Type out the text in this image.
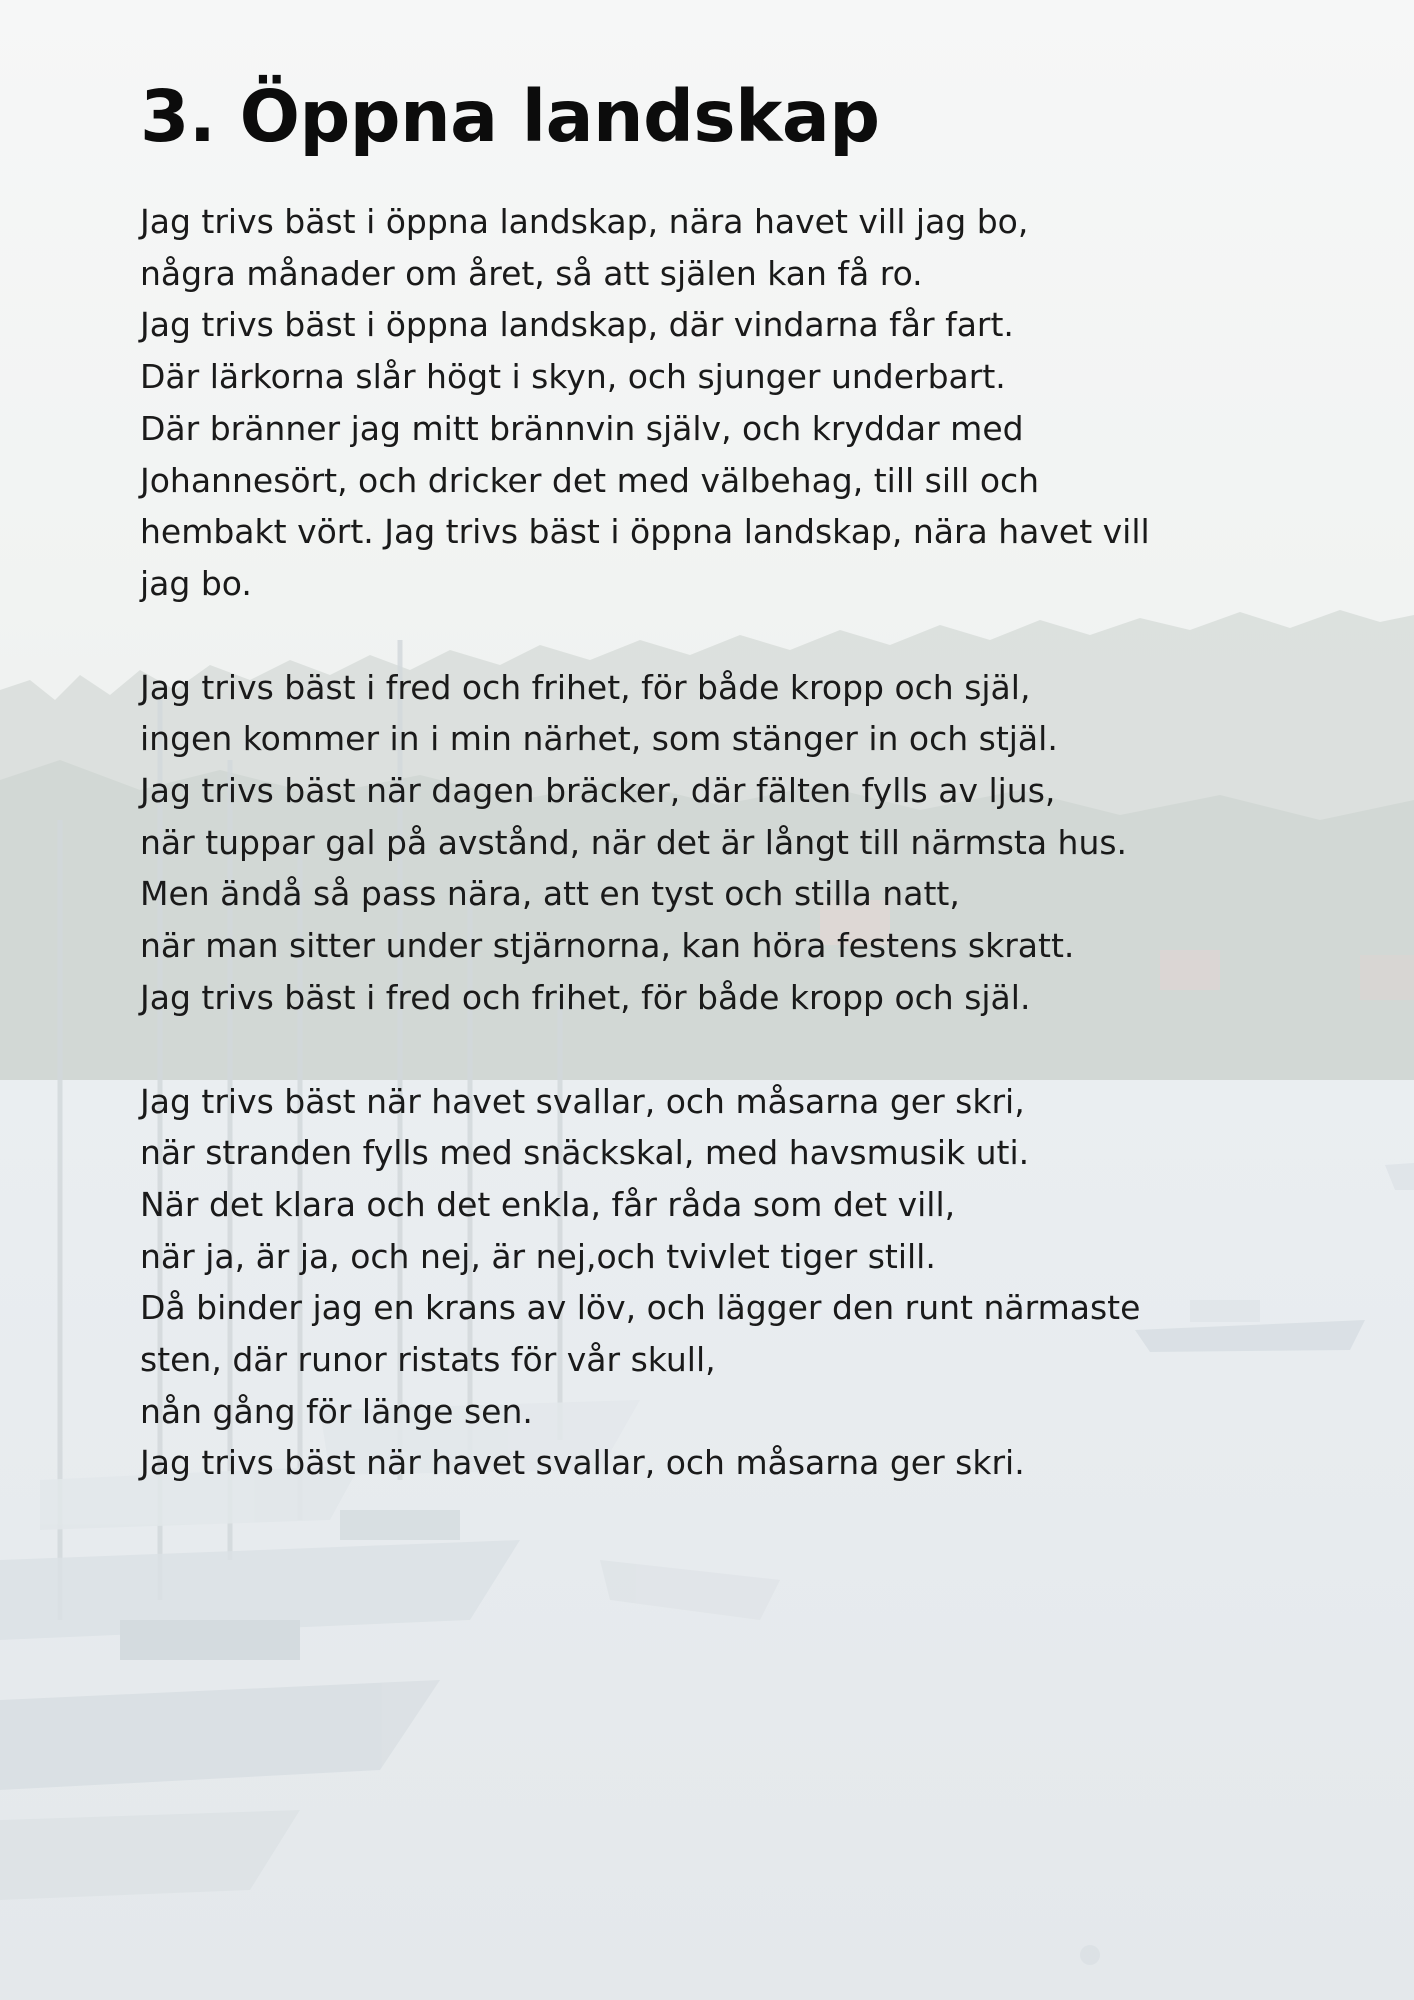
3. Öppna landskap
Jag trivs bäst i öppna landskap, nära havet vill jag bo,
några månader om året, så att själen kan få ro.
Jag trivs bäst i öppna landskap, där vindarna får fart.
Där lärkorna slår högt i skyn, och sjunger underbart.
Där bränner jag mitt brännvin själv, och kryddar med
Johannesört, och dricker det med välbehag, till sill och
hembakt vört. Jag trivs bäst i öppna landskap, nära havet vill
jag bo.
Jag trivs bäst i fred och frihet, för både kropp och själ,
ingen kommer in i min närhet, som stänger in och stjäl.
Jag trivs bäst när dagen bräcker, där fälten fylls av ljus,
när tuppar gal på avstånd, när det är långt till närmsta hus.
Men ändå så pass nära, att en tyst och stilla natt,
när man sitter under stjärnorna, kan höra festens skratt.
Jag trivs bäst i fred och frihet, för både kropp och själ.
Jag trivs bäst när havet svallar, och måsarna ger skri,
när stranden fylls med snäckskal, med havsmusik uti.
När det klara och det enkla, får råda som det vill,
när ja, är ja, och nej, är nej,och tvivlet tiger still.
Då binder jag en krans av löv, och lägger den runt närmaste
sten, där runor ristats för vår skull,
nån gång för länge sen.
Jag trivs bäst när havet svallar, och måsarna ger skri.
